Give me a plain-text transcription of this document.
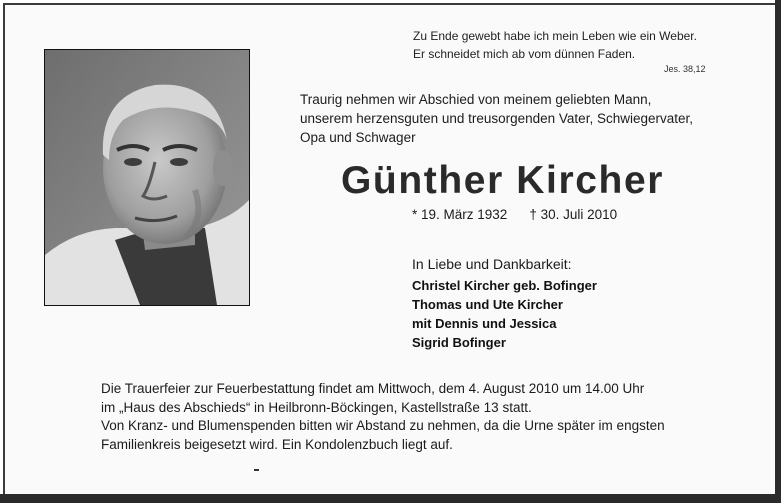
Zu Ende gewebt habe ich mein Leben wie ein Weber.
Er schneidet mich ab vom dünnen Faden.
Jes. 38,12
Traurig nehmen wir Abschied von meinem geliebten Mann,
unserem herzensguten und treusorgenden Vater, Schwiegervater,
Opa und Schwager
Günther Kircher
* 19. März 1932 † 30. Juli 2010
In Liebe und Dankbarkeit:
Christel Kircher geb. Bofinger
Thomas und Ute Kircher
mit Dennis und Jessica
Sigrid Bofinger
Die Trauerfeier zur Feuerbestattung findet am Mittwoch, dem 4. August 2010 um 14.00 Uhr
im „Haus des Abschieds“ in Heilbronn-Böckingen, Kastellstraße 13 statt.
Von Kranz- und Blumenspenden bitten wir Abstand zu nehmen, da die Urne später im engsten
Familienkreis beigesetzt wird. Ein Kondolenzbuch liegt auf.
